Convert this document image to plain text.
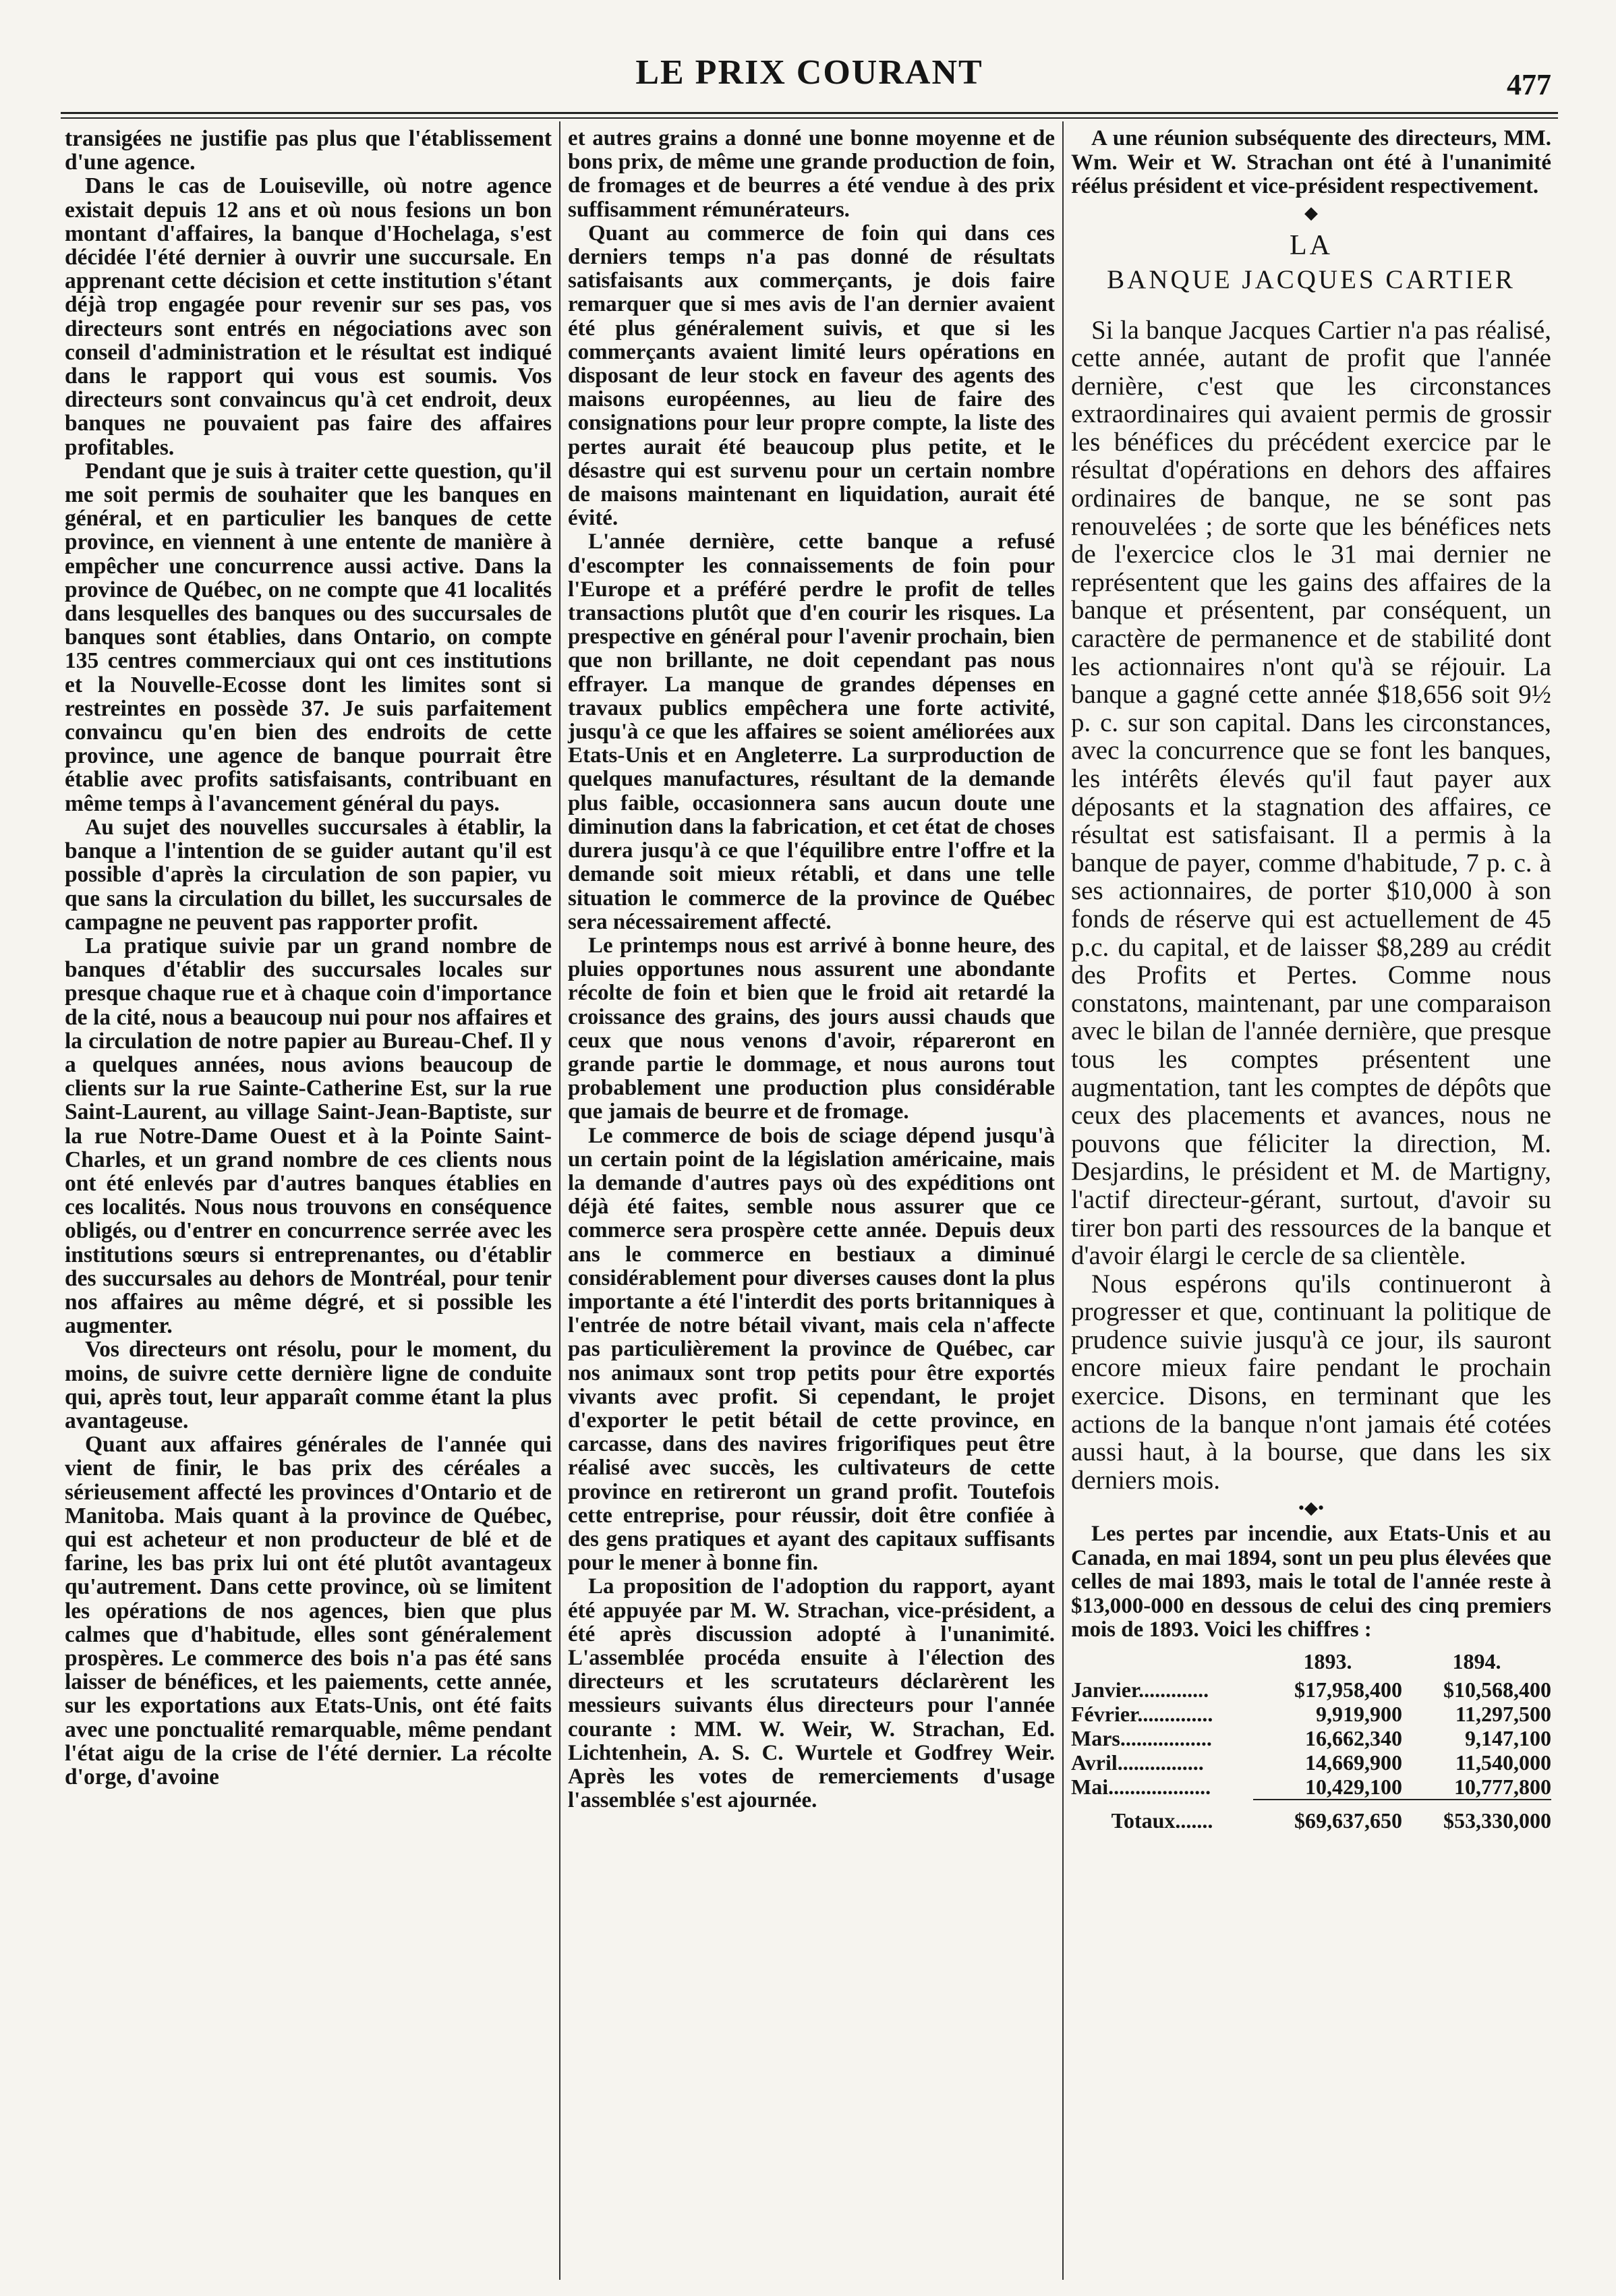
LE PRIX COURANT	477

transigées ne justifie pas plus que l'établissement d'une agence.

Dans le cas de Louiseville, où notre agence existait depuis 12 ans et où nous fesions un bon montant d'affaires, la banque d'Hochelaga, s'est décidée l'été dernier à ouvrir une succursale. En apprenant cette décision et cette institution s'étant déjà trop engagée pour revenir sur ses pas, vos directeurs sont entrés en négociations avec son conseil d'administration et le résultat est indiqué dans le rapport qui vous est soumis. Vos directeurs sont convaincus qu'à cet endroit, deux banques ne pouvaient pas faire des affaires profitables.

Pendant que je suis à traiter cette question, qu'il me soit permis de souhaiter que les banques en général, et en particulier les banques de cette province, en viennent à une entente de manière à empêcher une concurrence aussi active. Dans la province de Québec, on ne compte que 41 localités dans lesquelles des banques ou des succursales de banques sont établies, dans Ontario, on compte 135 centres commerciaux qui ont ces institutions et la Nouvelle-Ecosse dont les limites sont si restreintes en possède 37. Je suis parfaitement convaincu qu'en bien des endroits de cette province, une agence de banque pourrait être établie avec profits satisfaisants, contribuant en même temps à l'avancement général du pays.

Au sujet des nouvelles succursales à établir, la banque a l'intention de se guider autant qu'il est possible d'après la circulation de son papier, vu que sans la circulation du billet, les succursales de campagne ne peuvent pas rapporter profit.

La pratique suivie par un grand nombre de banques d'établir des succursales locales sur presque chaque rue et à chaque coin d'importance de la cité, nous a beaucoup nui pour nos affaires et la circulation de notre papier au Bureau-Chef. Il y a quelques années, nous avions beaucoup de clients sur la rue Sainte-Catherine Est, sur la rue Saint-Laurent, au village Saint-Jean-Baptiste, sur la rue Notre-Dame Ouest et à la Pointe Saint-Charles, et un grand nombre de ces clients nous ont été enlevés par d'autres banques établies en ces localités. Nous nous trouvons en conséquence obligés, ou d'entrer en concurrence serrée avec les institutions sœurs si entreprenantes, ou d'établir des succursales au dehors de Montréal, pour tenir nos affaires au même dégré, et si possible les augmenter.

Vos directeurs ont résolu, pour le moment, du moins, de suivre cette dernière ligne de conduite qui, après tout, leur apparaît comme étant la plus avantageuse.

Quant aux affaires générales de l'année qui vient de finir, le bas prix des céréales a sérieusement affecté les provinces d'Ontario et de Manitoba. Mais quant à la province de Québec, qui est acheteur et non producteur de blé et de farine, les bas prix lui ont été plutôt avantageux qu'autrement. Dans cette province, où se limitent les opérations de nos agences, bien que plus calmes que d'habitude, elles sont généralement prospères. Le commerce des bois n'a pas été sans laisser de bénéfices, et les paiements, cette année, sur les exportations aux Etats-Unis, ont été faits avec une ponctualité remarquable, même pendant l'état aigu de la crise de l'été dernier. La récolte d'orge, d'avoine

et autres grains a donné une bonne moyenne et de bons prix, de même une grande production de foin, de fromages et de beurres a été vendue à des prix suffisamment rémunérateurs.

Quant au commerce de foin qui dans ces derniers temps n'a pas donné de résultats satisfaisants aux commerçants, je dois faire remarquer que si mes avis de l'an dernier avaient été plus généralement suivis, et que si les commerçants avaient limité leurs opérations en disposant de leur stock en faveur des agents des maisons européennes, au lieu de faire des consignations pour leur propre compte, la liste des pertes aurait été beaucoup plus petite, et le désastre qui est survenu pour un certain nombre de maisons maintenant en liquidation, aurait été évité.

L'année dernière, cette banque a refusé d'escompter les connaissements de foin pour l'Europe et a préféré perdre le profit de telles transactions plutôt que d'en courir les risques. La prespective en général pour l'avenir prochain, bien que non brillante, ne doit cependant pas nous effrayer. La manque de grandes dépenses en travaux publics empêchera une forte activité, jusqu'à ce que les affaires se soient améliorées aux Etats-Unis et en Angleterre. La surproduction de quelques manufactures, résultant de la demande plus faible, occasionnera sans aucun doute une diminution dans la fabrication, et cet état de choses durera jusqu'à ce que l'équilibre entre l'offre et la demande soit mieux rétabli, et dans une telle situation le commerce de la province de Québec sera nécessairement affecté.

Le printemps nous est arrivé à bonne heure, des pluies opportunes nous assurent une abondante récolte de foin et bien que le froid ait retardé la croissance des grains, des jours aussi chauds que ceux que nous venons d'avoir, répareront en grande partie le dommage, et nous aurons tout probablement une production plus considérable que jamais de beurre et de fromage.

Le commerce de bois de sciage dépend jusqu'à un certain point de la législation américaine, mais la demande d'autres pays où des expéditions ont déjà été faites, semble nous assurer que ce commerce sera prospère cette année. Depuis deux ans le commerce en bestiaux a diminué considérablement pour diverses causes dont la plus importante a été l'interdit des ports britanniques à l'entrée de notre bétail vivant, mais cela n'affecte pas particulièrement la province de Québec, car nos animaux sont trop petits pour être exportés vivants avec profit. Si cependant, le projet d'exporter le petit bétail de cette province, en carcasse, dans des navires frigorifiques peut être réalisé avec succès, les cultivateurs de cette province en retireront un grand profit. Toutefois cette entreprise, pour réussir, doit être confiée à des gens pratiques et ayant des capitaux suffisants pour le mener à bonne fin.

La proposition de l'adoption du rapport, ayant été appuyée par M. W. Strachan, vice-président, a été après discussion adopté à l'unanimité. L'assemblée procéda ensuite à l'élection des directeurs et les scrutateurs déclarèrent les messieurs suivants élus directeurs pour l'année courante : MM. W. Weir, W. Strachan, Ed. Lichtenhein, A. S. C. Wurtele et Godfrey Weir. Après les votes de remerciements d'usage l'assemblée s'est ajournée.

A une réunion subséquente des directeurs, MM. Wm. Weir et W. Strachan ont été à l'unanimité réélus président et vice-président respectivement.

◆
LA
BANQUE JACQUES CARTIER

Si la banque Jacques Cartier n'a pas réalisé, cette année, autant de profit que l'année dernière, c'est que les circonstances extraordinaires qui avaient permis de grossir les bénéfices du précédent exercice par le résultat d'opérations en dehors des affaires ordinaires de banque, ne se sont pas renouvelées ; de sorte que les bénéfices nets de l'exercice clos le 31 mai dernier ne représentent que les gains des affaires de la banque et présentent, par conséquent, un caractère de permanence et de stabilité dont les actionnaires n'ont qu'à se réjouir. La banque a gagné cette année $18,656 soit 9½ p. c. sur son capital. Dans les circonstances, avec la concurrence que se font les banques, les intérêts élevés qu'il faut payer aux déposants et la stagnation des affaires, ce résultat est satisfaisant. Il a permis à la banque de payer, comme d'habitude, 7 p. c. à ses actionnaires, de porter $10,000 à son fonds de réserve qui est actuellement de 45 p.c. du capital, et de laisser $8,289 au crédit des Profits et Pertes. Comme nous constatons, maintenant, par une comparaison avec le bilan de l'année dernière, que presque tous les comptes présentent une augmentation, tant les comptes de dépôts que ceux des placements et avances, nous ne pouvons que féliciter la direction, M. Desjardins, le président et M. de Martigny, l'actif directeur-gérant, surtout, d'avoir su tirer bon parti des ressources de la banque et d'avoir élargi le cercle de sa clientèle.

Nous espérons qu'ils continueront à progresser et que, continuant la politique de prudence suivie jusqu'à ce jour, ils sauront encore mieux faire pendant le prochain exercice. Disons, en terminant que les actions de la banque n'ont jamais été cotées aussi haut, à la bourse, que dans les six derniers mois.

•◆•

Les pertes par incendie, aux Etats-Unis et au Canada, en mai 1894, sont un peu plus élevées que celles de mai 1893, mais le total de l'année reste à $13,000-000 en dessous de celui des cinq premiers mois de 1893. Voici les chiffres :

	1893.	1894.
Janvier.............	$17,958,400	$10,568,400
Février..............	9,919,900	11,297,500
Mars.................	16,662,340	9,147,100
Avril................	14,669,900	11,540,000
Mai...................	10,429,100	10,777,800

Totaux.......	$69,637,650	$53,330,000
